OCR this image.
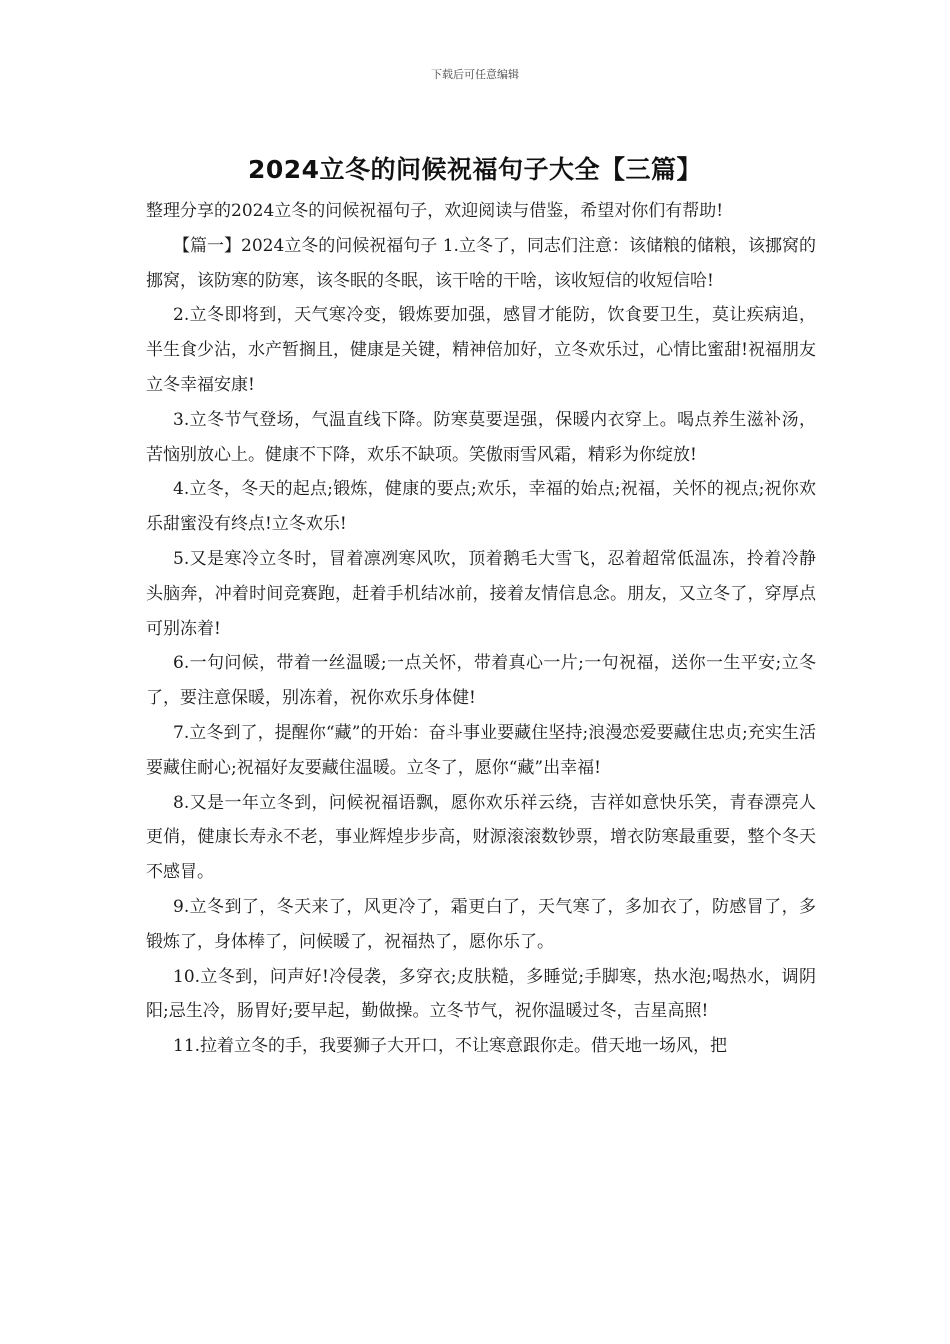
下载后可任意编辑
2024立冬的问候祝福句子大全【三篇】

整理分享的2024立冬的问候祝福句子，欢迎阅读与借鉴，希望对你们有帮助!

【篇一】2024立冬的问候祝福句子 1.立冬了，同志们注意：该储粮的储粮，该挪窝的挪窝，该防寒的防寒，该冬眠的冬眠，该干啥的干啥，该收短信的收短信哈!

2.立冬即将到，天气寒冷变，锻炼要加强，感冒才能防，饮食要卫生，莫让疾病追，半生食少沾，水产暂搁且，健康是关键，精神倍加好，立冬欢乐过，心情比蜜甜!祝福朋友立冬幸福安康!

3.立冬节气登场，气温直线下降。防寒莫要逞强，保暖内衣穿上。喝点养生滋补汤，苦恼别放心上。健康不下降，欢乐不缺项。笑傲雨雪风霜，精彩为你绽放!

4.立冬，冬天的起点;锻炼，健康的要点;欢乐，幸福的始点;祝福，关怀的视点;祝你欢乐甜蜜没有终点!立冬欢乐!

5.又是寒冷立冬时，冒着凛冽寒风吹，顶着鹅毛大雪飞，忍着超常低温冻，拎着冷静头脑奔，冲着时间竞赛跑，赶着手机结冰前，接着友情信息念。朋友，又立冬了，穿厚点可别冻着!

6.一句问候，带着一丝温暖;一点关怀，带着真心一片;一句祝福，送你一生平安;立冬了，要注意保暖，别冻着，祝你欢乐身体健!

7.立冬到了，提醒你“藏”的开始：奋斗事业要藏住坚持;浪漫恋爱要藏住忠贞;充实生活要藏住耐心;祝福好友要藏住温暖。立冬了，愿你“藏”出幸福!

8.又是一年立冬到，问候祝福语飘，愿你欢乐祥云绕，吉祥如意快乐笑，青春漂亮人更俏，健康长寿永不老，事业辉煌步步高，财源滚滚数钞票，增衣防寒最重要，整个冬天不感冒。

9.立冬到了，冬天来了，风更冷了，霜更白了，天气寒了，多加衣了，防感冒了，多锻炼了，身体棒了，问候暖了，祝福热了，愿你乐了。

10.立冬到，问声好!冷侵袭，多穿衣;皮肤糙，多睡觉;手脚寒，热水泡;喝热水，调阴阳;忌生冷，肠胃好;要早起，勤做操。立冬节气，祝你温暖过冬，吉星高照!

11.拉着立冬的手，我要狮子大开口，不让寒意跟你走。借天地一场风，把
